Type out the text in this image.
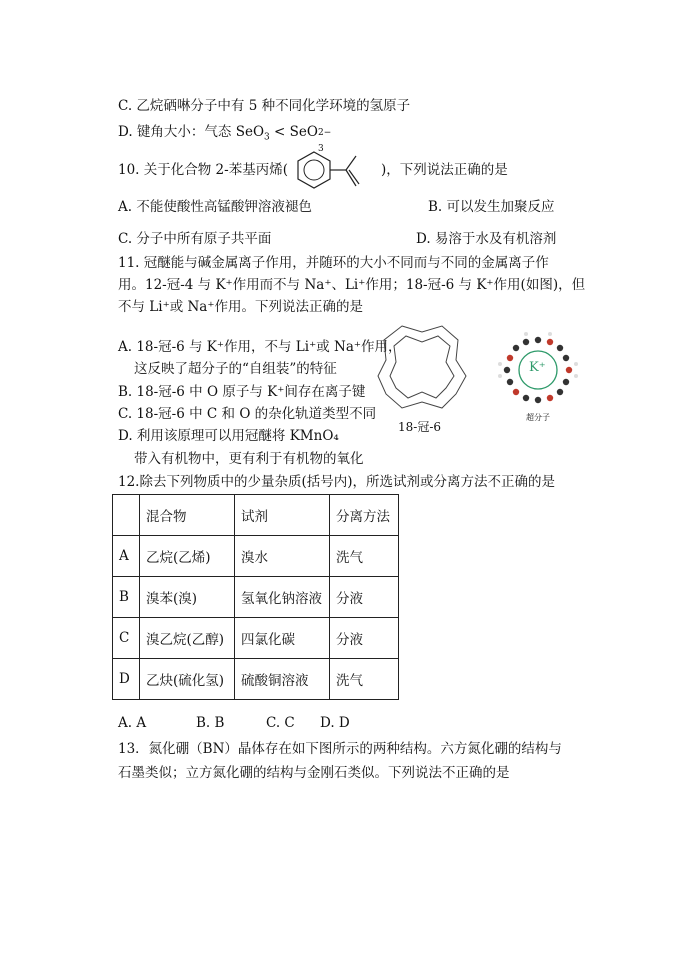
C. 乙烷硒啉分子中有 5 种不同化学环境的氢原子
D. 键角大小：气态 SeO$_3$ < SeO 2−
3
10. 关于化合物 2-苯基丙烯(	)，下列说法正确的是
A. 不能使酸性高锰酸钾溶液褪色	B. 可以发生加聚反应
C. 分子中所有原子共平面	D. 易溶于水及有机溶剂
11. 冠醚能与碱金属离子作用，并随环的大小不同而与不同的金属离子作
用。12-冠-4 与 K⁺作用而不与 Na⁺、Li⁺作用；18-冠-6 与 K⁺作用(如图)，但
不与 Li⁺或 Na⁺作用。下列说法正确的是
A. 18-冠-6 与 K⁺作用，不与 Li⁺或 Na⁺作用，
这反映了超分子的“自组装”的特征
B. 18-冠-6 中 O 原子与 K⁺间存在离子键
C. 18-冠-6 中 C 和 O 的杂化轨道类型不同
D. 利用该原理可以用冠醚将 KMnO₄
带入有机物中，更有利于有机物的氧化
18-冠-6
K⁺
超分子
12.除去下列物质中的少量杂质(括号内)，所选试剂或分离方法不正确的是
	混合物	试剂	分离方法
A	乙烷(乙烯)	溴水	洗气
B	溴苯(溴)	氢氧化钠溶液	分液
C	溴乙烷(乙醇)	四氯化碳	分液
D	乙炔(硫化氢)	硫酸铜溶液	洗气
A. A	B. B	C. C D. D
13．氮化硼（BN）晶体存在如下图所示的两种结构。六方氮化硼的结构与
石墨类似；立方氮化硼的结构与金刚石类似。下列说法不正确的是
